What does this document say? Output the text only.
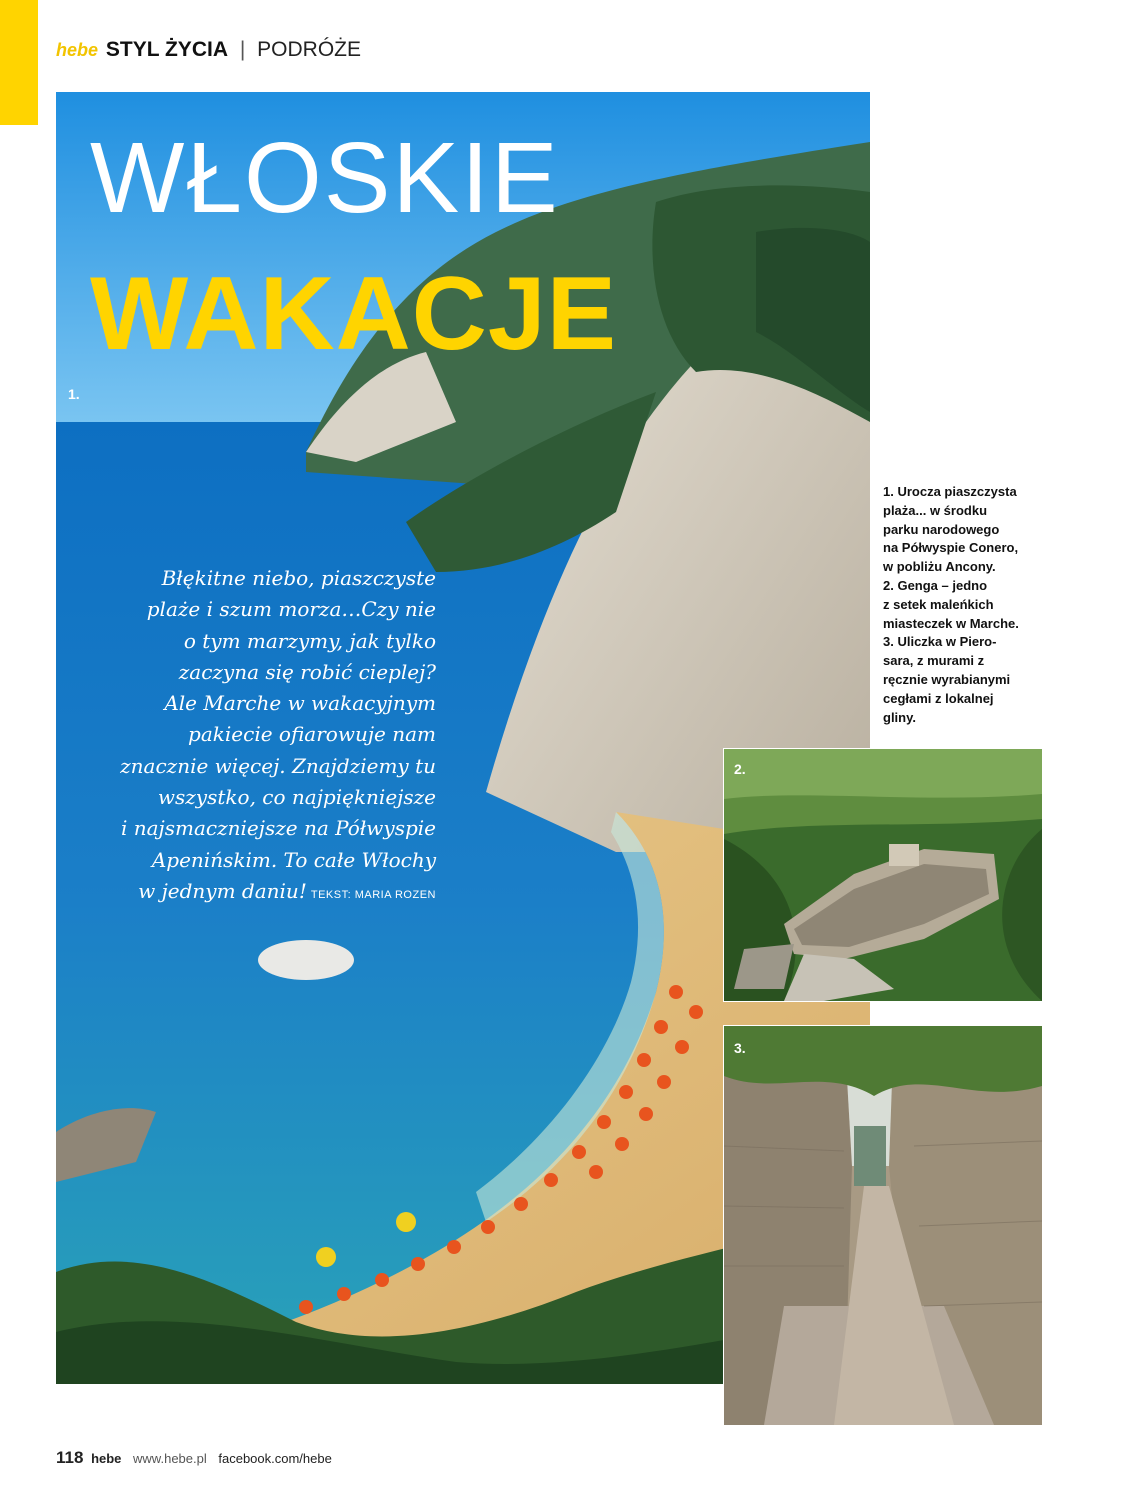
hebe STYL ŻYCIA | PODRÓŻE
WŁOSKIE
WAKACJE
1.
Błękitne niebo, piaszczyste
plaże i szum morza…Czy nie
o tym marzymy, jak tylko
zaczyna się robić cieplej?
Ale Marche w wakacyjnym
pakiecie ofiarowuje nam
znacznie więcej. Znajdziemy tu
wszystko, co najpiękniejsze
i najsmaczniejsze na Półwyspie
Apenińskim. To całe Włochy
w jednym daniu! TEKST: MARIA ROZEN
1. Urocza piaszczysta
plaża... w środku
parku narodowego
na Półwyspie Conero,
w pobliżu Ancony.
2. Genga – jedno
z setek maleńkich
miasteczek w Marche.
3. Uliczka w Piero-
sara, z murami z
ręcznie wyrabianymi
cegłami z lokalnej
gliny.
2.
3.
118 hebe www.hebe.pl facebook.com/hebe
